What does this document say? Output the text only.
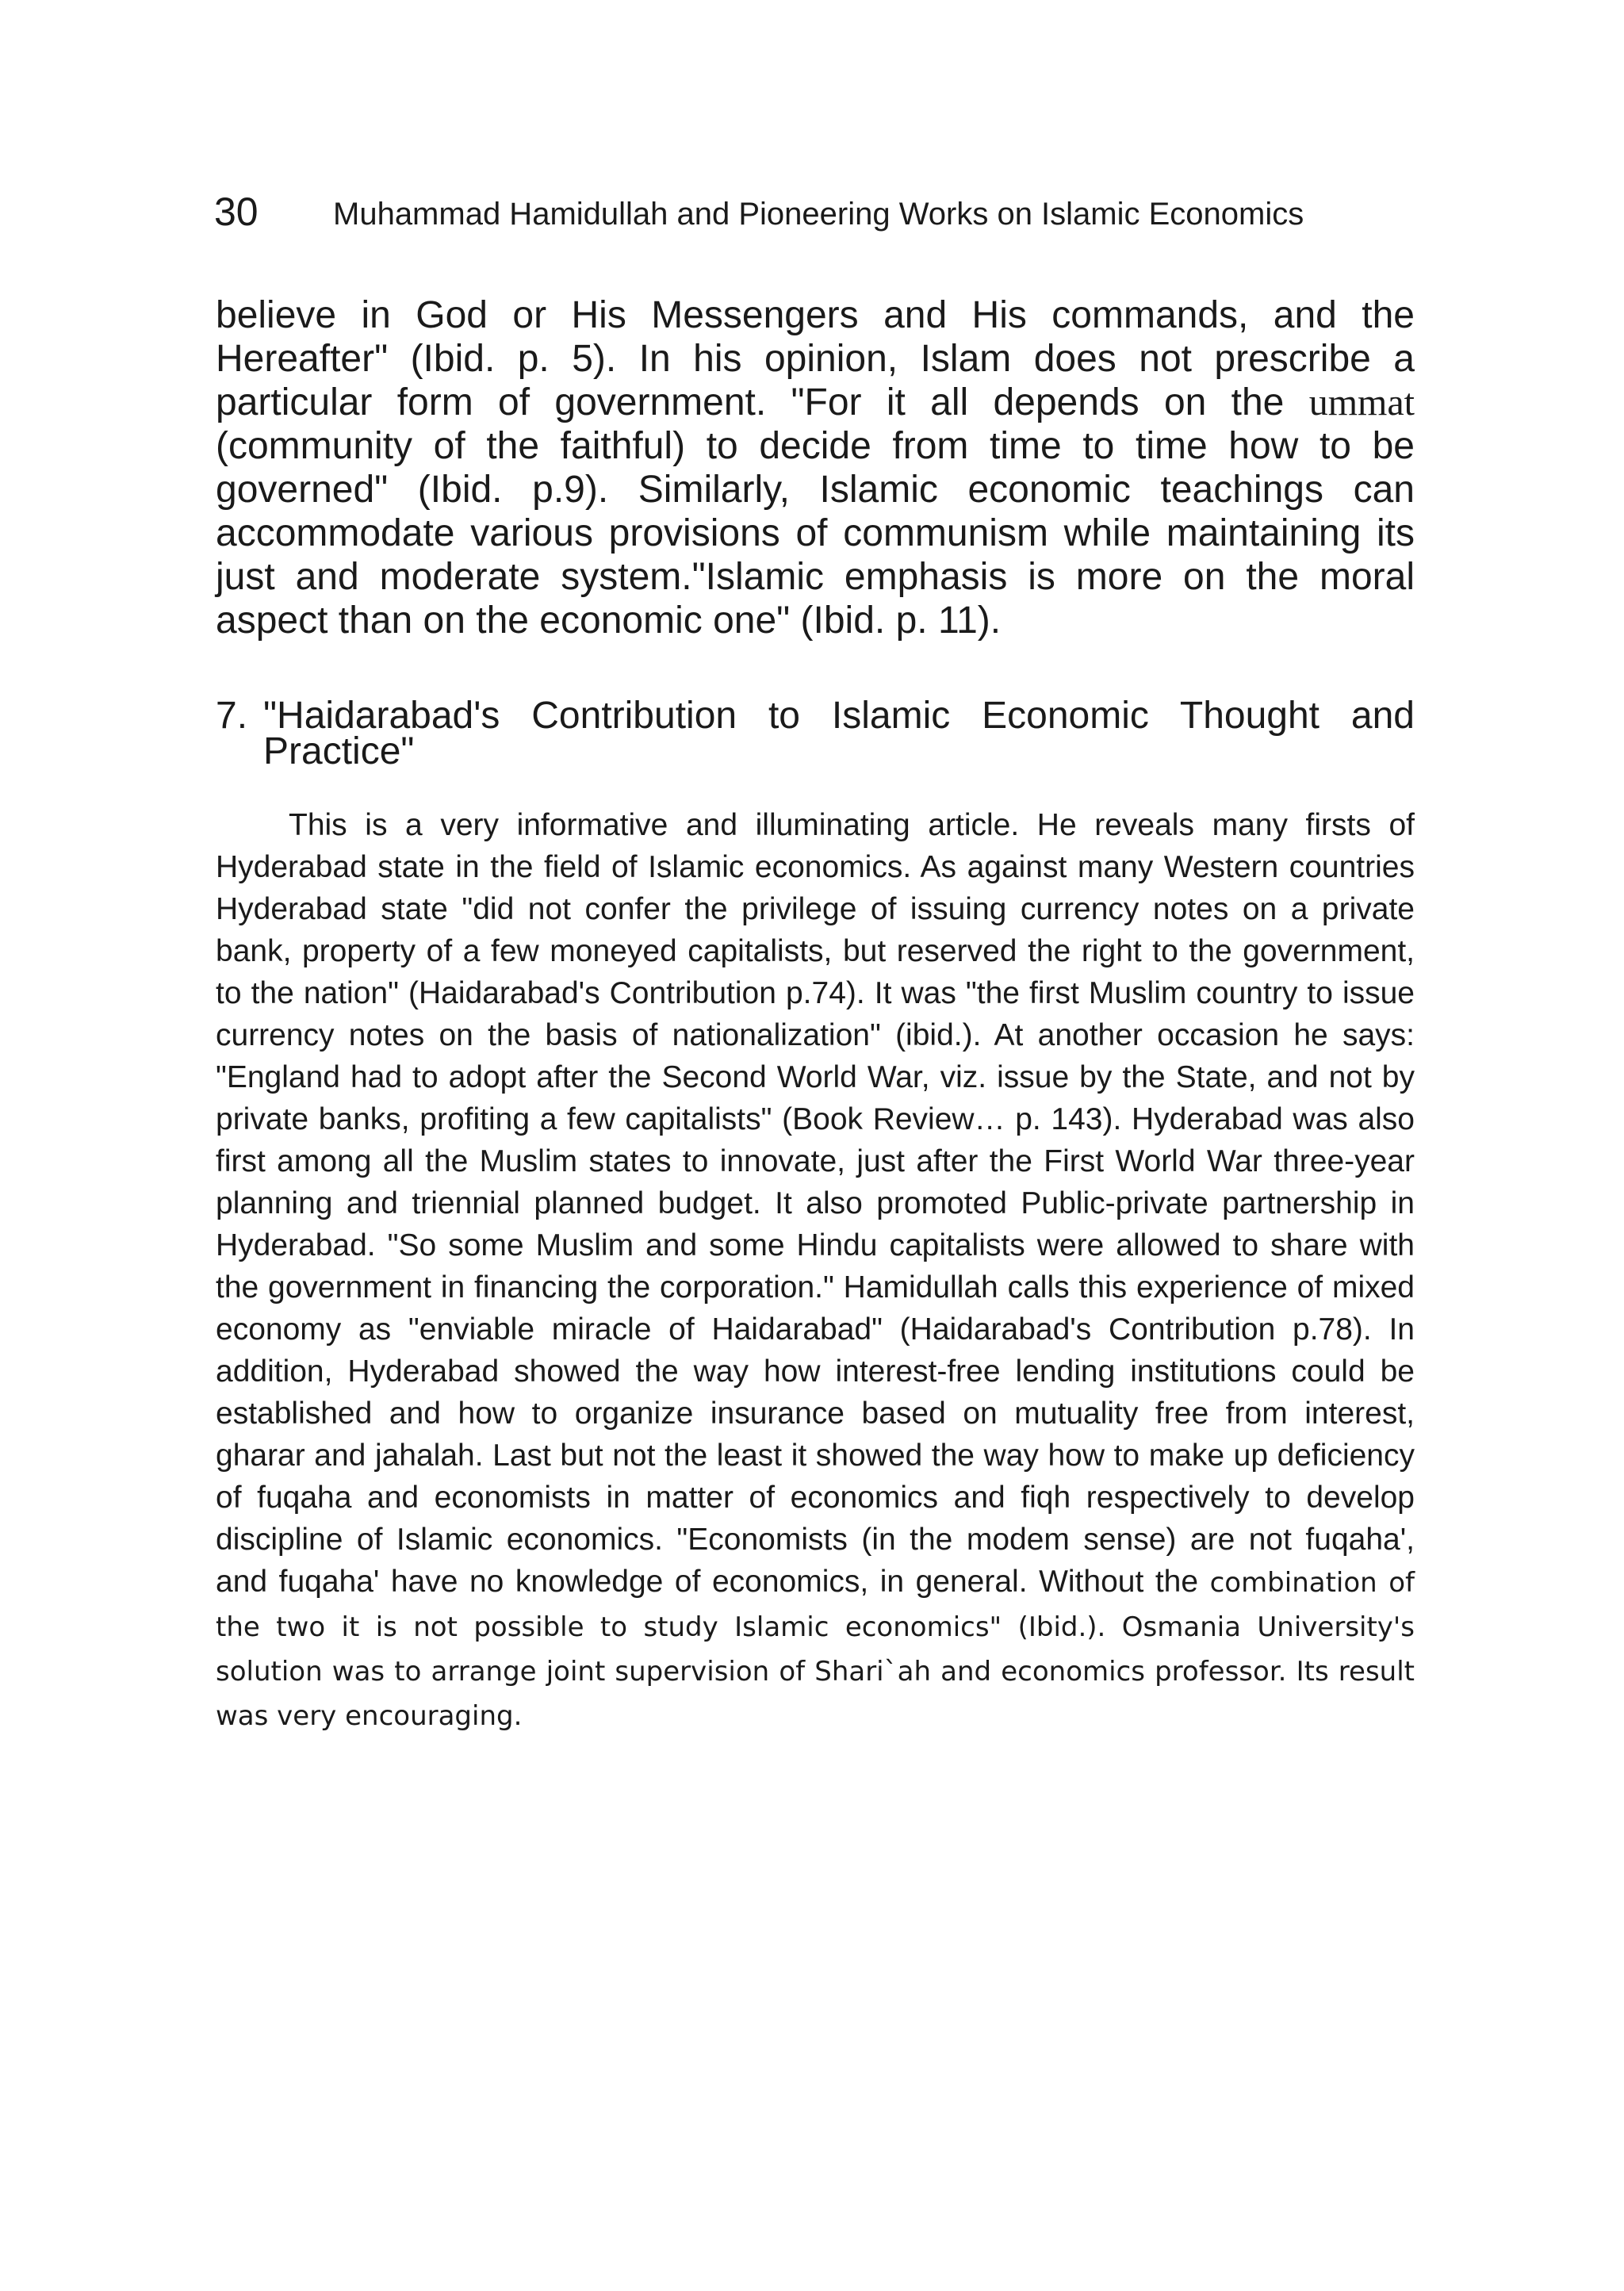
30 Muhammad Hamidullah and Pioneering Works on Islamic Economics

believe in God or His Messengers and His commands, and the Hereafter" (Ibid. p. 5). In his opinion, Islam does not prescribe a particular form of government. "For it all depends on the ummat (community of the faithful) to decide from time to time how to be governed" (Ibid. p.9). Similarly, Islamic economic teachings can accommodate various provisions of communism while maintaining its just and moderate system."Islamic emphasis is more on the moral aspect than on the economic one" (Ibid. p. 11).

7. "Haidarabad's Contribution to Islamic Economic Thought and Practice"

This is a very informative and illuminating article. He reveals many firsts of Hyderabad state in the field of Islamic economics. As against many Western countries Hyderabad state "did not confer the privilege of issuing currency notes on a private bank, property of a few moneyed capitalists, but reserved the right to the government, to the nation" (Haidarabad's Contribution p.74). It was "the first Muslim country to issue currency notes on the basis of nationalization" (ibid.). At another occasion he says: "England had to adopt after the Second World War, viz. issue by the State, and not by private banks, profiting a few capitalists" (Book Review… p. 143). Hyderabad was also first among all the Muslim states to innovate, just after the First World War three-year planning and triennial planned budget. It also promoted Public-private partnership in Hyderabad. "So some Muslim and some Hindu capitalists were allowed to share with the government in financing the corporation." Hamidullah calls this experience of mixed economy as "enviable miracle of Haidarabad" (Haidarabad's Contribution p.78). In addition, Hyderabad showed the way how interest-free lending institutions could be established and how to organize insurance based on mutuality free from interest, gharar and jahalah. Last but not the least it showed the way how to make up deficiency of fuqaha and economists in matter of economics and fiqh respectively to develop discipline of Islamic economics. "Economists (in the modem sense) are not fuqaha', and fuqaha' have no knowledge of economics, in general. Without the combination of the two it is not possible to study Islamic economics" (Ibid.). Osmania University's solution was to arrange joint supervision of Shari`ah and economics professor. Its result was very encouraging.
